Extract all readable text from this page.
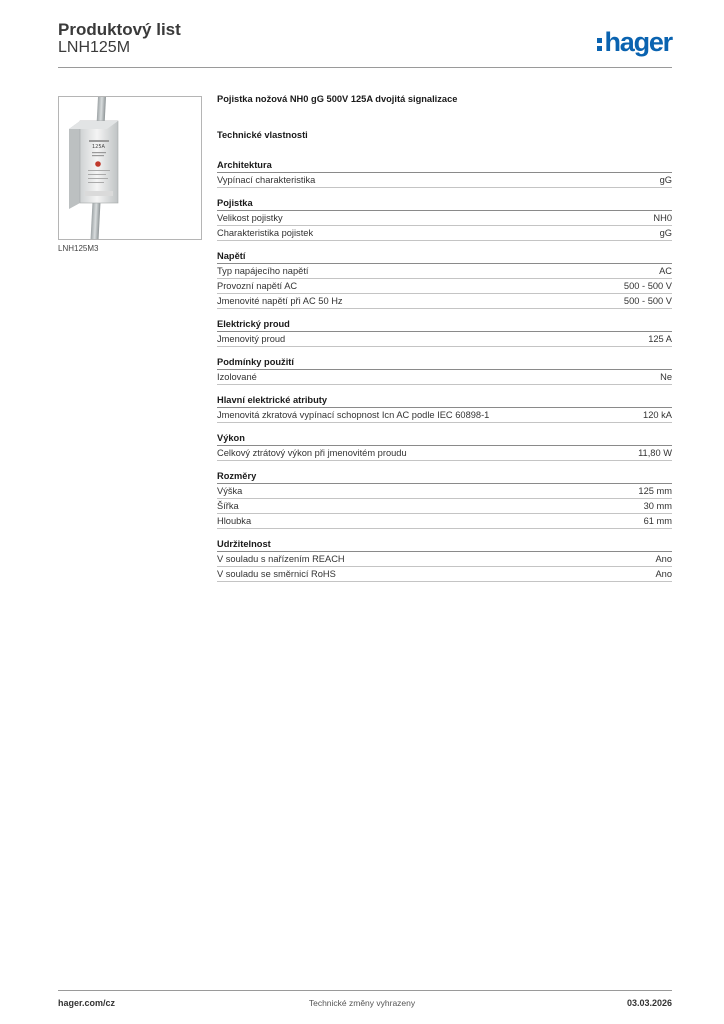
Produktový list
LNH125M	hager
125A
LNH125M3
Pojistka nožová NH0 gG 500V 125A dvojitá signalizace
Technické vlastnosti
Architektura
Vypínací charakteristika	gG
Pojistka
Velikost pojistky	NH0
Charakteristika pojistek	gG
Napětí
Typ napájecího napětí	AC
Provozní napětí AC	500 - 500 V
Jmenovité napětí při AC 50 Hz	500 - 500 V
Elektrický proud
Jmenovitý proud	125 A
Podmínky použití
Izolované	Ne
Hlavní elektrické atributy
Jmenovitá zkratová vypínací schopnost Icn AC podle IEC 60898-1	120 kA
Výkon
Celkový ztrátový výkon při jmenovitém proudu	11,80 W
Rozměry
Výška	125 mm
Šířka	30 mm
Hloubka	61 mm
Udržitelnost
V souladu s nařízením REACH	Ano
V souladu se směrnicí RoHS	Ano
hager.com/cz	Technické změny vyhrazeny	03.03.2026
